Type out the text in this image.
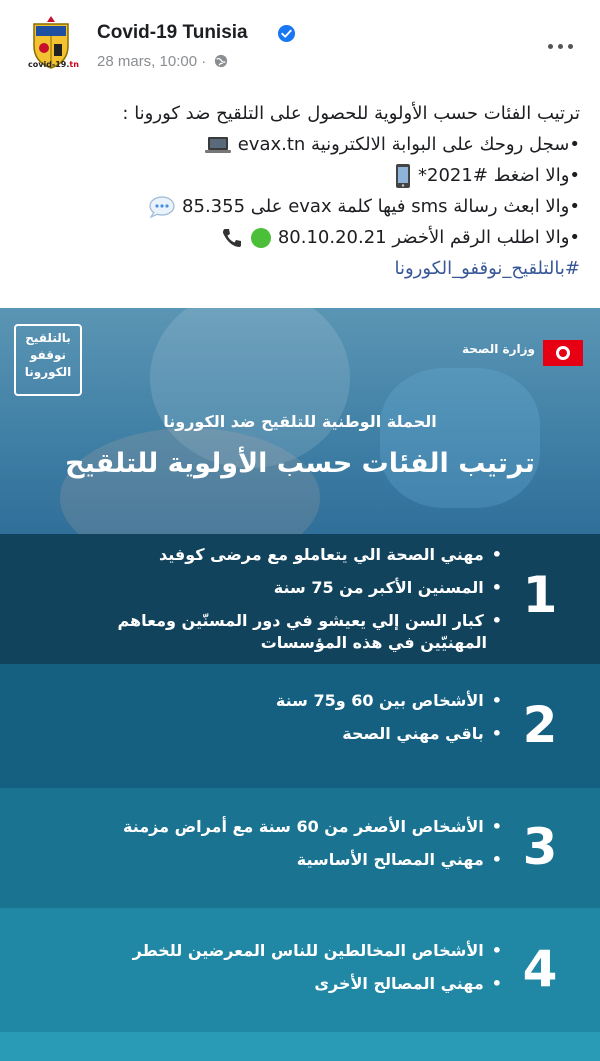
covid-19.tn
Covid-19 Tunisia
28 mars, 10:00 ·
ترتيب الفئات حسب الأولوية للحصول على التلقيح ضد كورونا :
•سجل روحك على البوابة الالكترونية evax.tn
•والا اضغط #2021*
•والا ابعث رسالة sms فيها كلمة evax على 85.355
•والا اطلب الرقم الأخضر 80.10.20.21
#بالتلقيح_نوقفو_الكورونا
بالتلقيح
نوقفو
الكورونا
وزارة الصحة
الحملة الوطنية للتلقيح ضد الكورونا
ترتيب الفئات حسب الأولوية للتلقيح
1
• مهني الصحة الي يتعاملو مع مرضى كوفيد
• المسنين الأكبر من 75 سنة
• كبار السن إلي يعيشو في دور المسنّين ومعاهم
المهنيّين في هذه المؤسسات
2
• الأشخاص بين 60 و75 سنة
• باقي مهني الصحة
3
• الأشخاص الأصغر من 60 سنة مع أمراض مزمنة
• مهني المصالح الأساسية
4
• الأشخاص المخالطين للناس المعرضين للخطر
• مهني المصالح الأخرى
